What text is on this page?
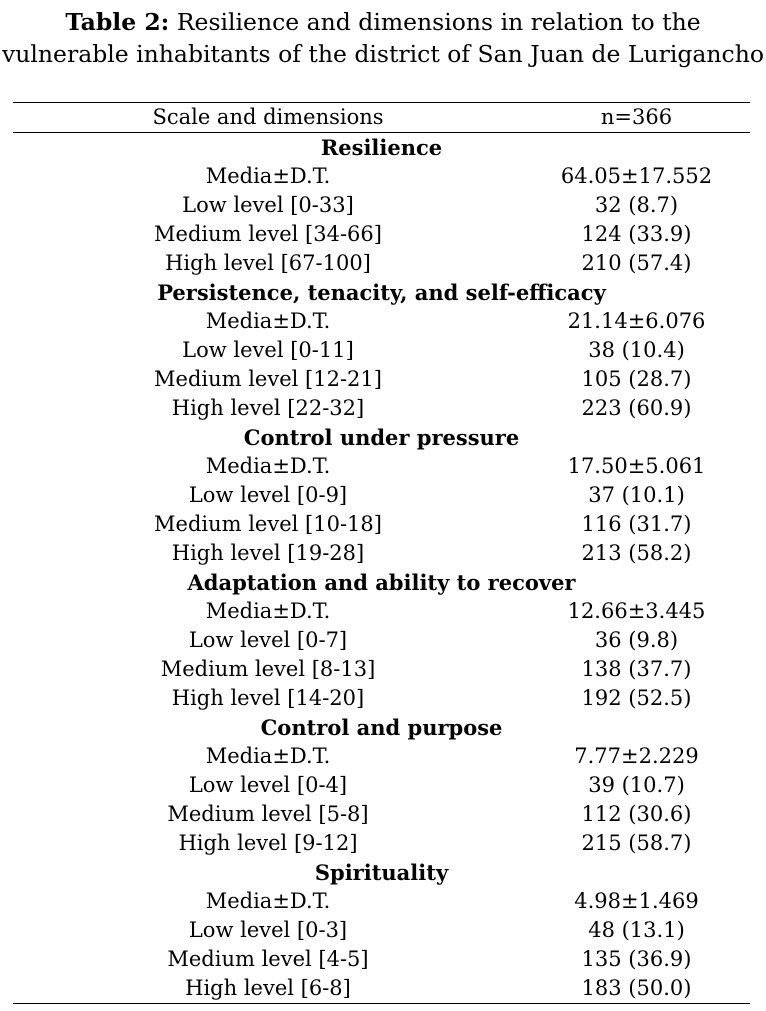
Table 2: Resilience and dimensions in relation to the vulnerable inhabitants of the district of San Juan de Lurigancho
Scale and dimensions	n=366
Resilience	
Media±D.T.	64.05±17.552
Low level [0-33]	32 (8.7)
Medium level [34-66]	124 (33.9)
High level [67-100]	210 (57.4)
Persistence, tenacity, and self-efficacy	
Media±D.T.	21.14±6.076
Low level [0-11]	38 (10.4)
Medium level [12-21]	105 (28.7)
High level [22-32]	223 (60.9)
Control under pressure	
Media±D.T.	17.50±5.061
Low level [0-9]	37 (10.1)
Medium level [10-18]	116 (31.7)
High level [19-28]	213 (58.2)
Adaptation and ability to recover	
Media±D.T.	12.66±3.445
Low level [0-7]	36 (9.8)
Medium level [8-13]	138 (37.7)
High level [14-20]	192 (52.5)
Control and purpose	
Media±D.T.	7.77±2.229
Low level [0-4]	39 (10.7)
Medium level [5-8]	112 (30.6)
High level [9-12]	215 (58.7)
Spirituality	
Media±D.T.	4.98±1.469
Low level [0-3]	48 (13.1)
Medium level [4-5]	135 (36.9)
High level [6-8]	183 (50.0)
